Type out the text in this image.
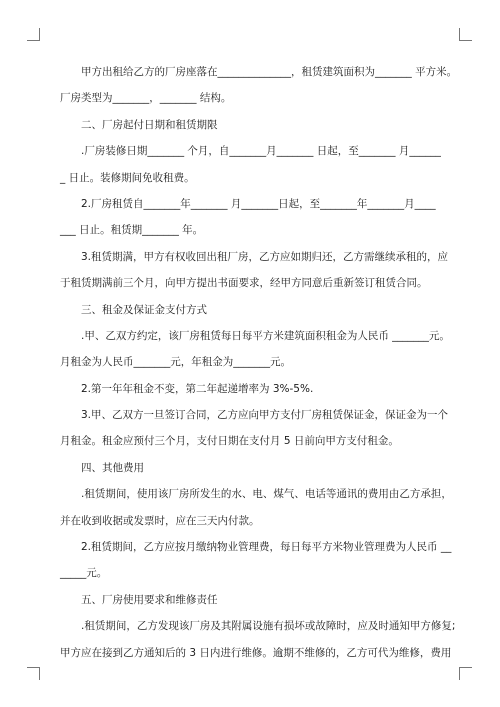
甲方出租给乙方的厂房座落在______________，租赁建筑面积为_______ 平方米。
厂房类型为_______，_______ 结构。
二、厂房起付日期和租赁期限
.厂房装修日期_______ 个月，自_______月_______ 日起，至_______ 月______
_ 日止。装修期间免收租费。
2.厂房租赁自_______年_______ 月_______日起，至_______年_______月____
___ 日止。租赁期_______ 年。
3.租赁期满，甲方有权收回出租厂房，乙方应如期归还，乙方需继续承租的，应
于租赁期满前三个月，向甲方提出书面要求，经甲方同意后重新签订租赁合同。
三、租金及保证金支付方式
.甲、乙双方约定，该厂房租赁每日每平方米建筑面积租金为人民币 _______元。
月租金为人民币_______元，年租金为_______元。
2.第一年年租金不变，第二年起递增率为 3%-5%.
3.甲、乙双方一旦签订合同，乙方应向甲方支付厂房租赁保证金，保证金为一个
月租金。租金应预付三个月，支付日期在支付月 5 日前向甲方支付租金。
四、其他费用
.租赁期间，使用该厂房所发生的水、电、煤气、电话等通讯的费用由乙方承担，
并在收到收据或发票时，应在三天内付款。
2.租赁期间，乙方应按月缴纳物业管理费，每日每平方米物业管理费为人民币 __
_____元。
五、厂房使用要求和维修责任
.租赁期间，乙方发现该厂房及其附属设施有损坏或故障时，应及时通知甲方修复;
甲方应在接到乙方通知后的 3 日内进行维修。逾期不维修的，乙方可代为维修，费用
